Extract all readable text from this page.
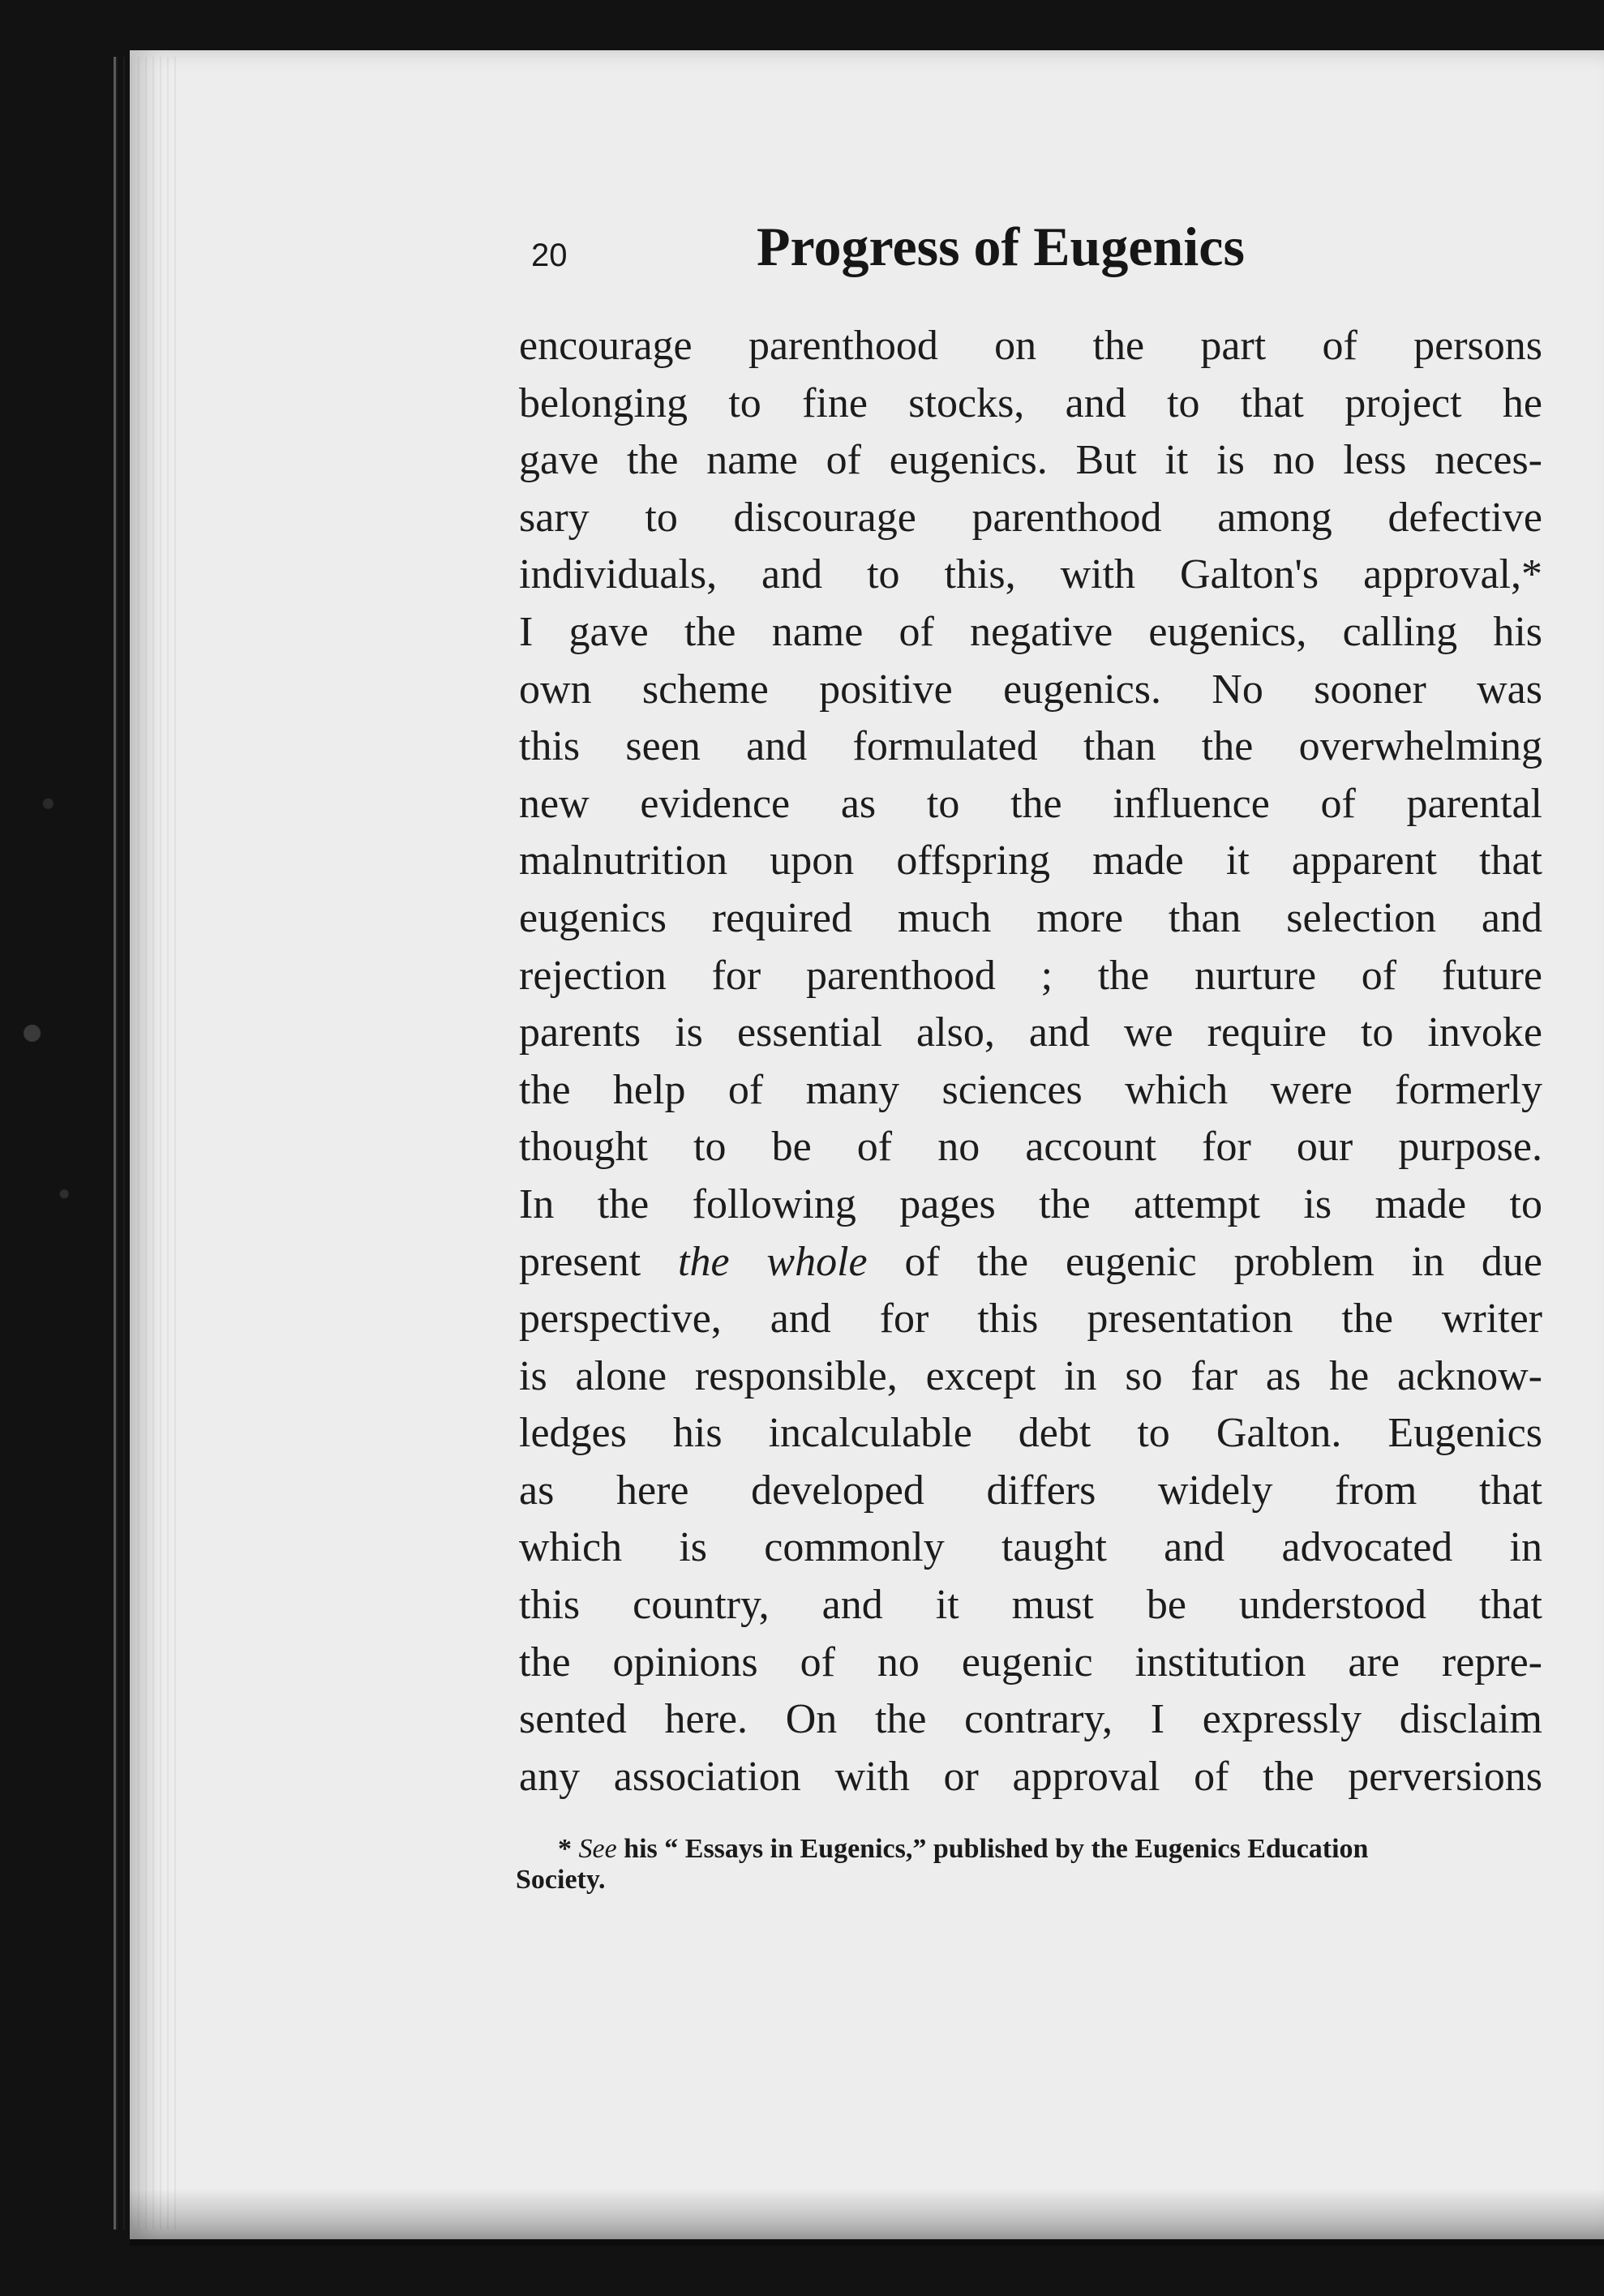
20	Progress of Eugenics
encourage parenthood on the part of persons
belonging to fine stocks, and to that project he
gave the name of eugenics. But it is no less neces-
sary to discourage parenthood among defective
individuals, and to this, with Galton's approval,*
I gave the name of negative eugenics, calling his
own scheme positive eugenics. No sooner was
this seen and formulated than the overwhelming
new evidence as to the influence of parental
malnutrition upon offspring made it apparent that
eugenics required much more than selection and
rejection for parenthood ; the nurture of future
parents is essential also, and we require to invoke
the help of many sciences which were formerly
thought to be of no account for our purpose.
In the following pages the attempt is made to
present the whole of the eugenic problem in due
perspective, and for this presentation the writer
is alone responsible, except in so far as he acknow-
ledges his incalculable debt to Galton. Eugenics
as here developed differs widely from that
which is commonly taught and advocated in
this country, and it must be understood that
the opinions of no eugenic institution are repre-
sented here. On the contrary, I expressly disclaim
any association with or approval of the perversions
* See his “ Essays in Eugenics,” published by the Eugenics Education
Society.
